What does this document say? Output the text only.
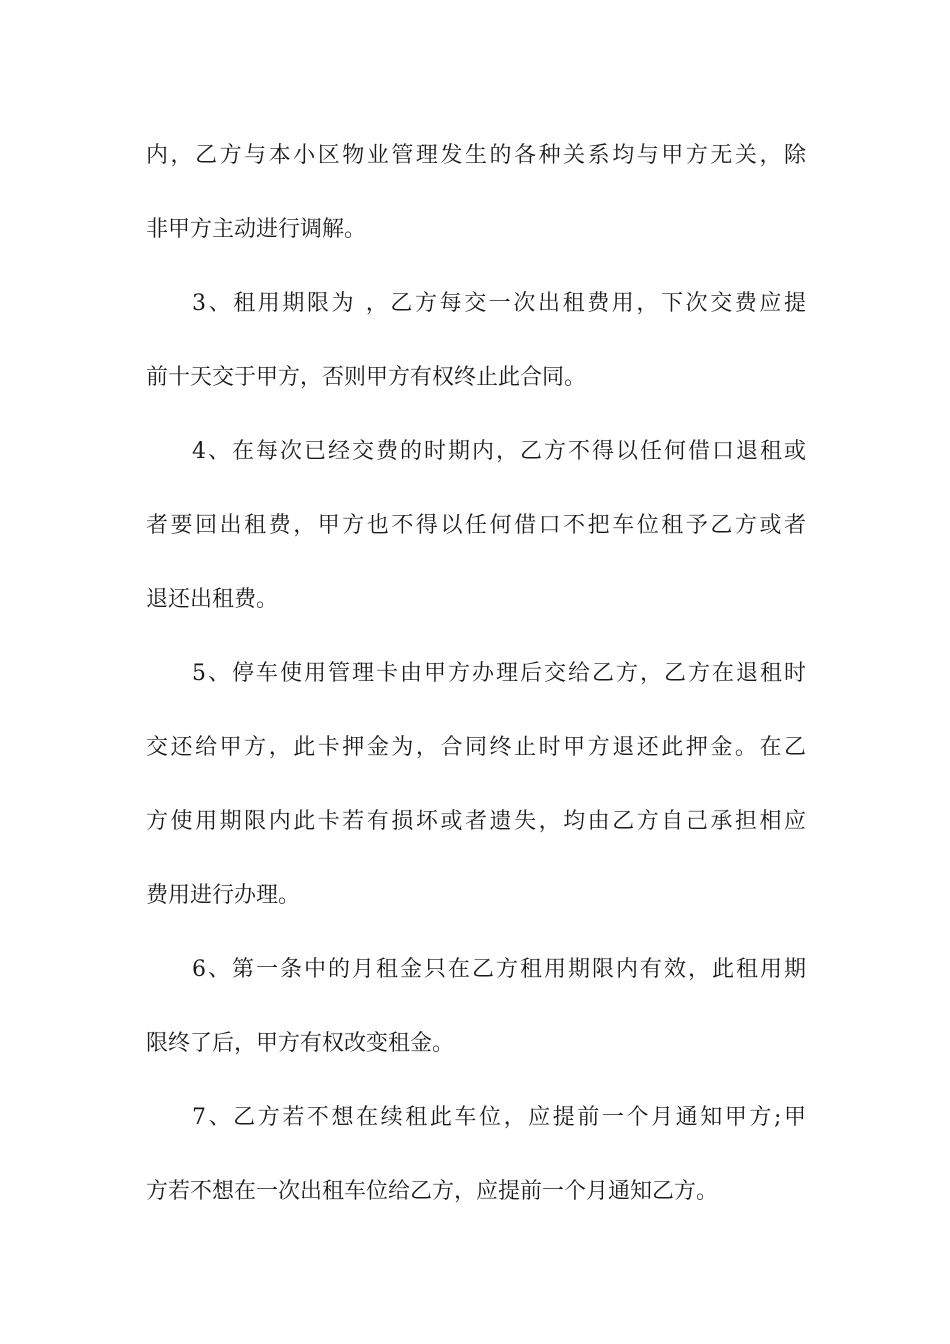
内，乙方与本小区物业管理发生的各种关系均与甲方无关，除
非甲方主动进行调解。
3、租用期限为 ，乙方每交一次出租费用，下次交费应提
前十天交于甲方，否则甲方有权终止此合同。
4、在每次已经交费的时期内，乙方不得以任何借口退租或
者要回出租费，甲方也不得以任何借口不把车位租予乙方或者
退还出租费。
5、停车使用管理卡由甲方办理后交给乙方，乙方在退租时
交还给甲方，此卡押金为，合同终止时甲方退还此押金。在乙
方使用期限内此卡若有损坏或者遗失，均由乙方自己承担相应
费用进行办理。
6、第一条中的月租金只在乙方租用期限内有效，此租用期
限终了后，甲方有权改变租金。
7、乙方若不想在续租此车位，应提前一个月通知甲方;甲
方若不想在一次出租车位给乙方，应提前一个月通知乙方。
